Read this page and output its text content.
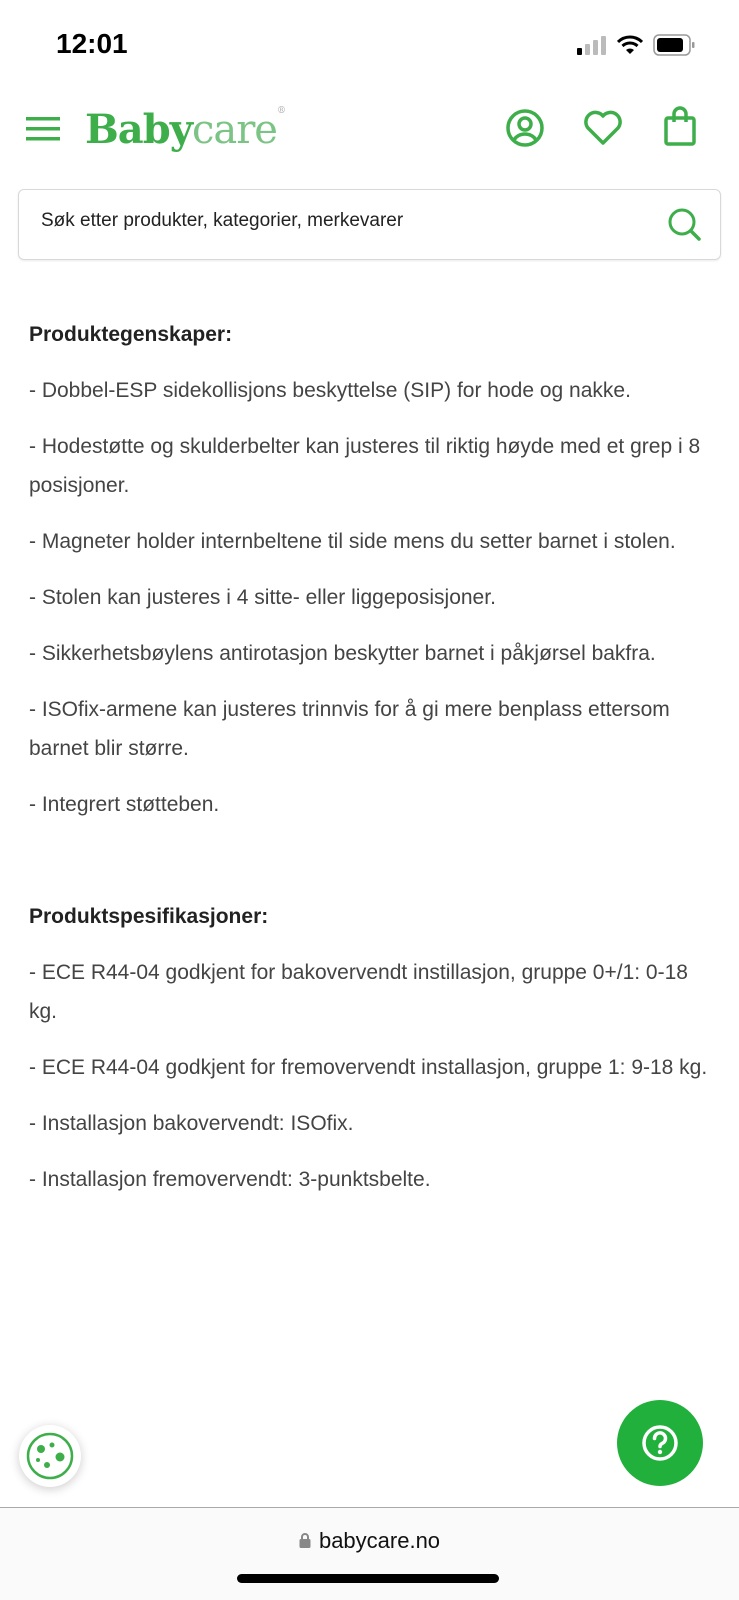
12:01
Babycare®
Søk etter produkter, kategorier, merkevarer
Produktegenskaper:

- Dobbel-ESP sidekollisjons beskyttelse (SIP) for hode og nakke.

- Hodestøtte og skulderbelter kan justeres til riktig høyde med et grep i 8 posisjoner.

- Magneter holder internbeltene til side mens du setter barnet i stolen.

- Stolen kan justeres i 4 sitte- eller liggeposisjoner.

- Sikkerhetsbøylens antirotasjon beskytter barnet i påkjørsel bakfra.

- ISOfix-armene kan justeres trinnvis for å gi mere benplass ettersom barnet blir større.

- Integrert støtteben.

Produktspesifikasjoner:

- ECE R44-04 godkjent for bakovervendt instillasjon, gruppe 0+/1: 0-18 kg.

- ECE R44-04 godkjent for fremovervendt installasjon, gruppe 1: 9-18 kg.

- Installasjon bakovervendt: ISOfix.

- Installasjon fremovervendt: 3-punktsbelte.

babycare.no
